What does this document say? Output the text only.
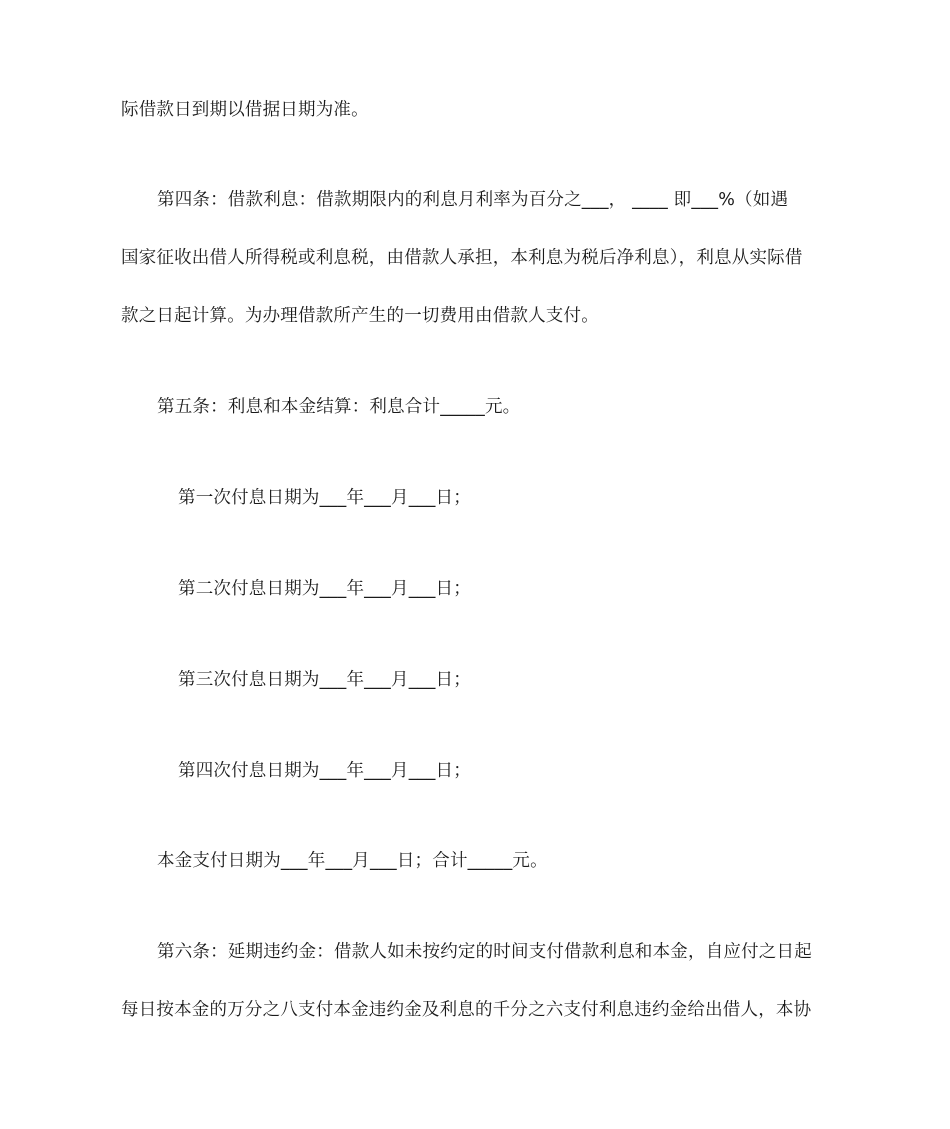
际借款日到期以借据日期为准。
第四条：借款利息：借款期限内的利息月利率为百分之___， ____ 即___%（如遇
国家征收出借人所得税或利息税，由借款人承担，本利息为税后净利息），利息从实际借
款之日起计算。为办理借款所产生的一切费用由借款人支付。
第五条：利息和本金结算：利息合计_____元。
第一次付息日期为___年___月___日；
第二次付息日期为___年___月___日；
第三次付息日期为___年___月___日；
第四次付息日期为___年___月___日；
本金支付日期为___年___月___日；合计_____元。
第六条：延期违约金：借款人如未按约定的时间支付借款利息和本金，自应付之日起
每日按本金的万分之八支付本金违约金及利息的千分之六支付利息违约金给出借人，本协
